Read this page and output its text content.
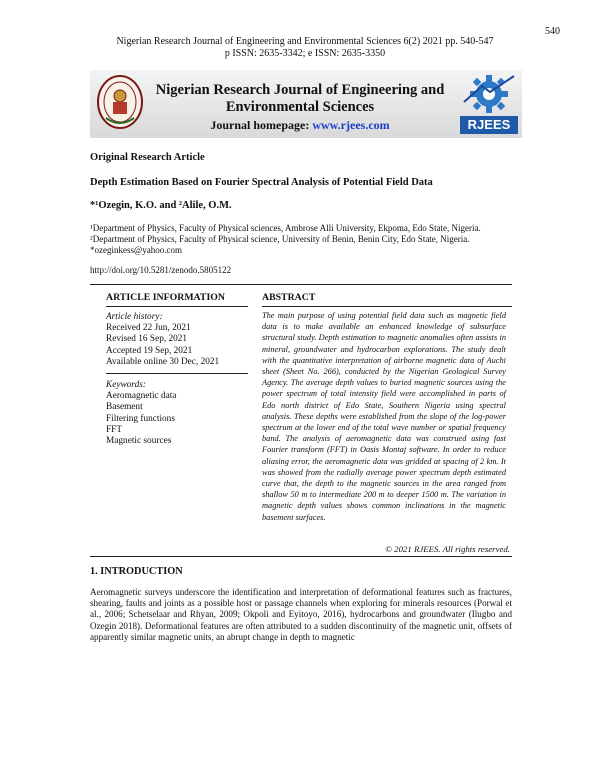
540
Nigerian Research Journal of Engineering and Environmental Sciences 6(2) 2021 pp. 540-547
p ISSN: 2635-3342; e ISSN: 2635-3350
Nigerian Research Journal of Engineering and
Environmental Sciences
Journal homepage: www.rjees.com	RJEES
Original Research Article
Depth Estimation Based on Fourier Spectral Analysis of Potential Field Data
*¹Ozegin, K.O. and ²Alile, O.M.
¹Department of Physics, Faculty of Physical sciences, Ambrose Alli University, Ekpoma, Edo State, Nigeria.
²Department of Physics, Faculty of Physical science, University of Benin, Benin City, Edo State, Nigeria.
*ozeginkess@yahoo.com
http://doi.org/10.5281/zenodo.5805122
ARTICLE INFORMATION	ABSTRACT
Article history:
Received 22 Jun, 2021
Revised 16 Sep, 2021
Accepted 19 Sep, 2021
Available online 30 Dec, 2021
Keywords:
Aeromagnetic data
Basement
Filtering functions
FFT
Magnetic sources
The main purpose of using potential field data such as magnetic field data is to make available an enhanced knowledge of subsurface structural study. Depth estimation to magnetic anomalies often assists in mineral, groundwater and hydrocarbon explorations. The study dealt with the quantitative interpretation of airborne magnetic data of Auchi sheet (Sheet No. 266), conducted by the Nigerian Geological Survey Agency. The average depth values to buried magnetic sources using the power spectrum of total intensity field were accomplished in parts of Edo north district of Edo State, Southern Nigeria using spectral analysis. These depths were established from the slope of the log-power spectrum at the lower end of the total wave number or spatial frequency band. The analysis of aeromagnetic data was construed using fast Fourier transform (FFT) in Oasis Montaj software. In order to reduce aliasing error, the aeromagnetic data was gridded at spacing of 2 km. It was showed from the radially average power spectrum depth estimated curve that, the depth to the magnetic sources in the area ranged from shallow 50 m to intermediate 200 m to deeper 1500 m. The variation in magnetic depth values shows common inclinations in the magnetic basement surfaces.
© 2021 RJEES. All rights reserved.
1. INTRODUCTION
Aeromagnetic surveys underscore the identification and interpretation of deformational features such as fractures, shearing, faults and joints as a possible host or passage channels when exploring for minerals resources (Porwal et al., 2006; Schetselaar and Rhyan, 2009; Okpoli and Eyitoyo, 2016), hydrocarbons and groundwater (Ilugbo and Ozegin 2018). Deformational features are often attributed to a sudden discontinuity of the magnetic unit, offsets of apparently similar magnetic units, an abrupt change in depth to magnetic
